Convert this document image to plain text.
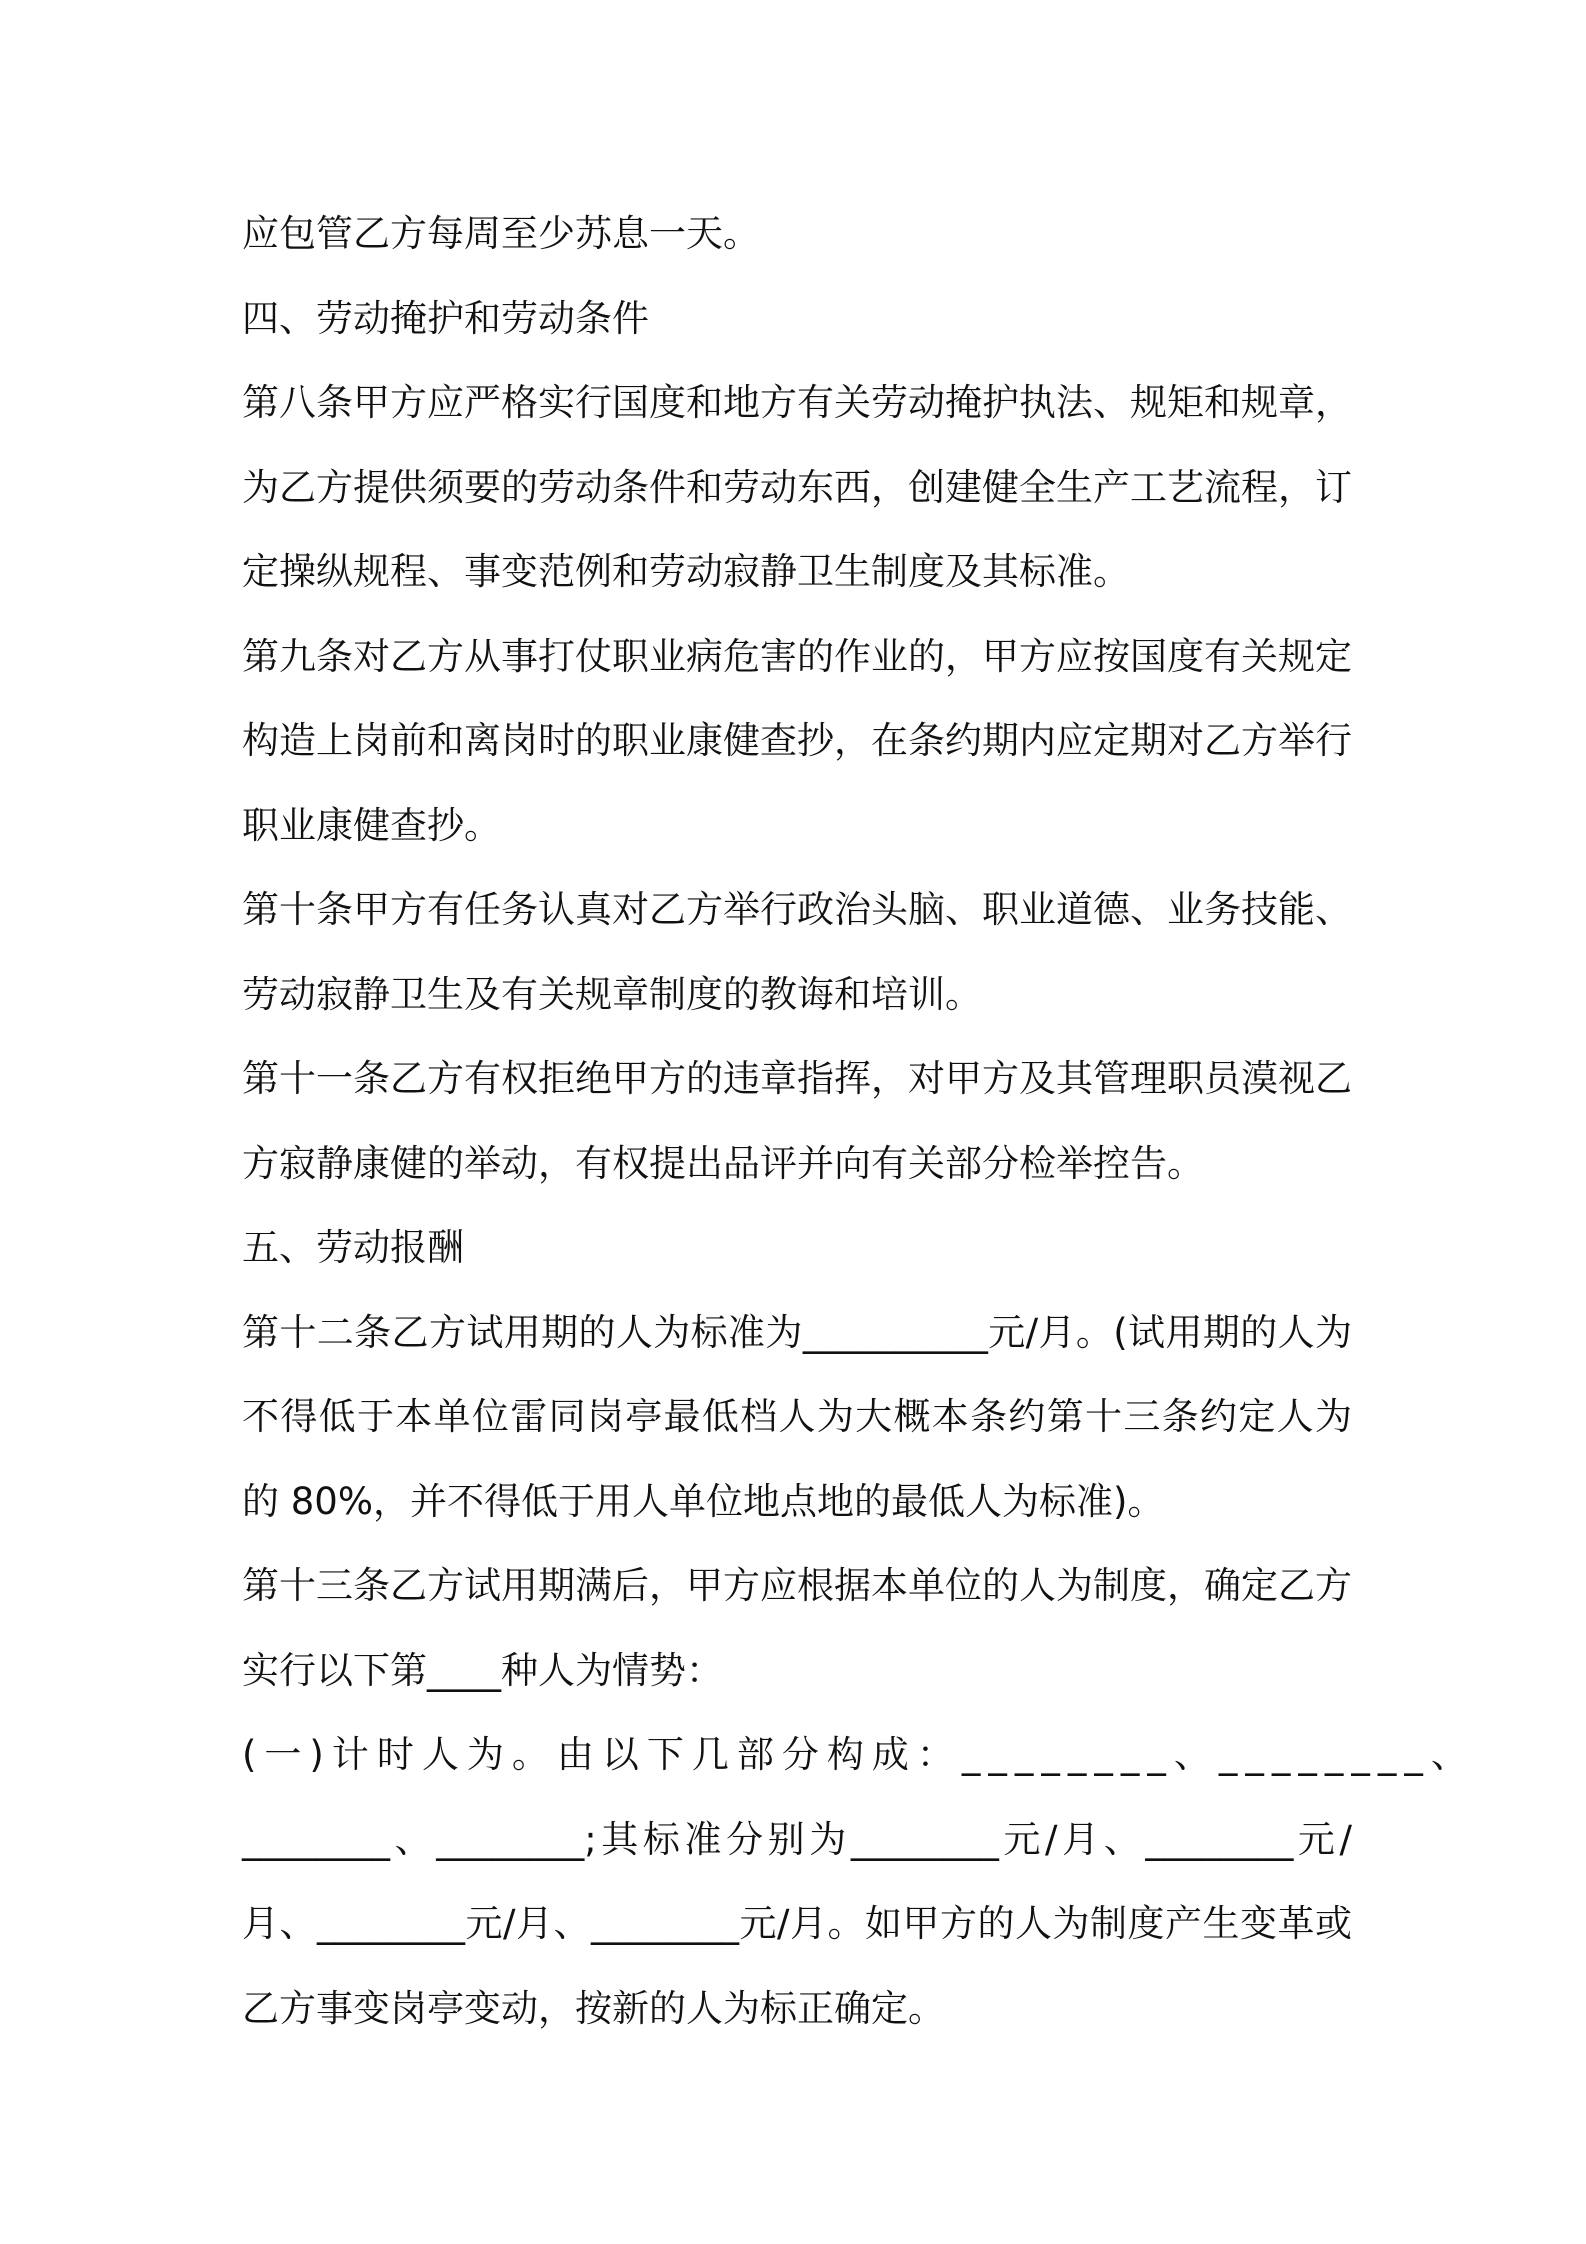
应包管乙方每周至少苏息一天。
四、劳动掩护和劳动条件
第八条甲方应严格实行国度和地方有关劳动掩护执法、规矩和规章，
为乙方提供须要的劳动条件和劳动东西，创建健全生产工艺流程，订
定操纵规程、事变范例和劳动寂静卫生制度及其标准。
第九条对乙方从事打仗职业病危害的作业的，甲方应按国度有关规定
构造上岗前和离岗时的职业康健查抄，在条约期内应定期对乙方举行
职业康健查抄。
第十条甲方有任务认真对乙方举行政治头脑、职业道德、业务技能、
劳动寂静卫生及有关规章制度的教诲和培训。
第十一条乙方有权拒绝甲方的违章指挥，对甲方及其管理职员漠视乙
方寂静康健的举动，有权提出品评并向有关部分检举控告。
五、劳动报酬
第十二条乙方试用期的人为标准为__________元/月。(试用期的人为
不得低于本单位雷同岗亭最低档人为大概本条约第十三条约定人为
的 80%，并不得低于用人单位地点地的最低人为标准)。
第十三条乙方试用期满后，甲方应根据本单位的人为制度，确定乙方
实行以下第____种人为情势：
(一)计时人为。由以下几部分构成：________、________、
________、________;其标准分别为________元/月、________元/
月、________元/月、________元/月。如甲方的人为制度产生变革或
乙方事变岗亭变动，按新的人为标正确定。
